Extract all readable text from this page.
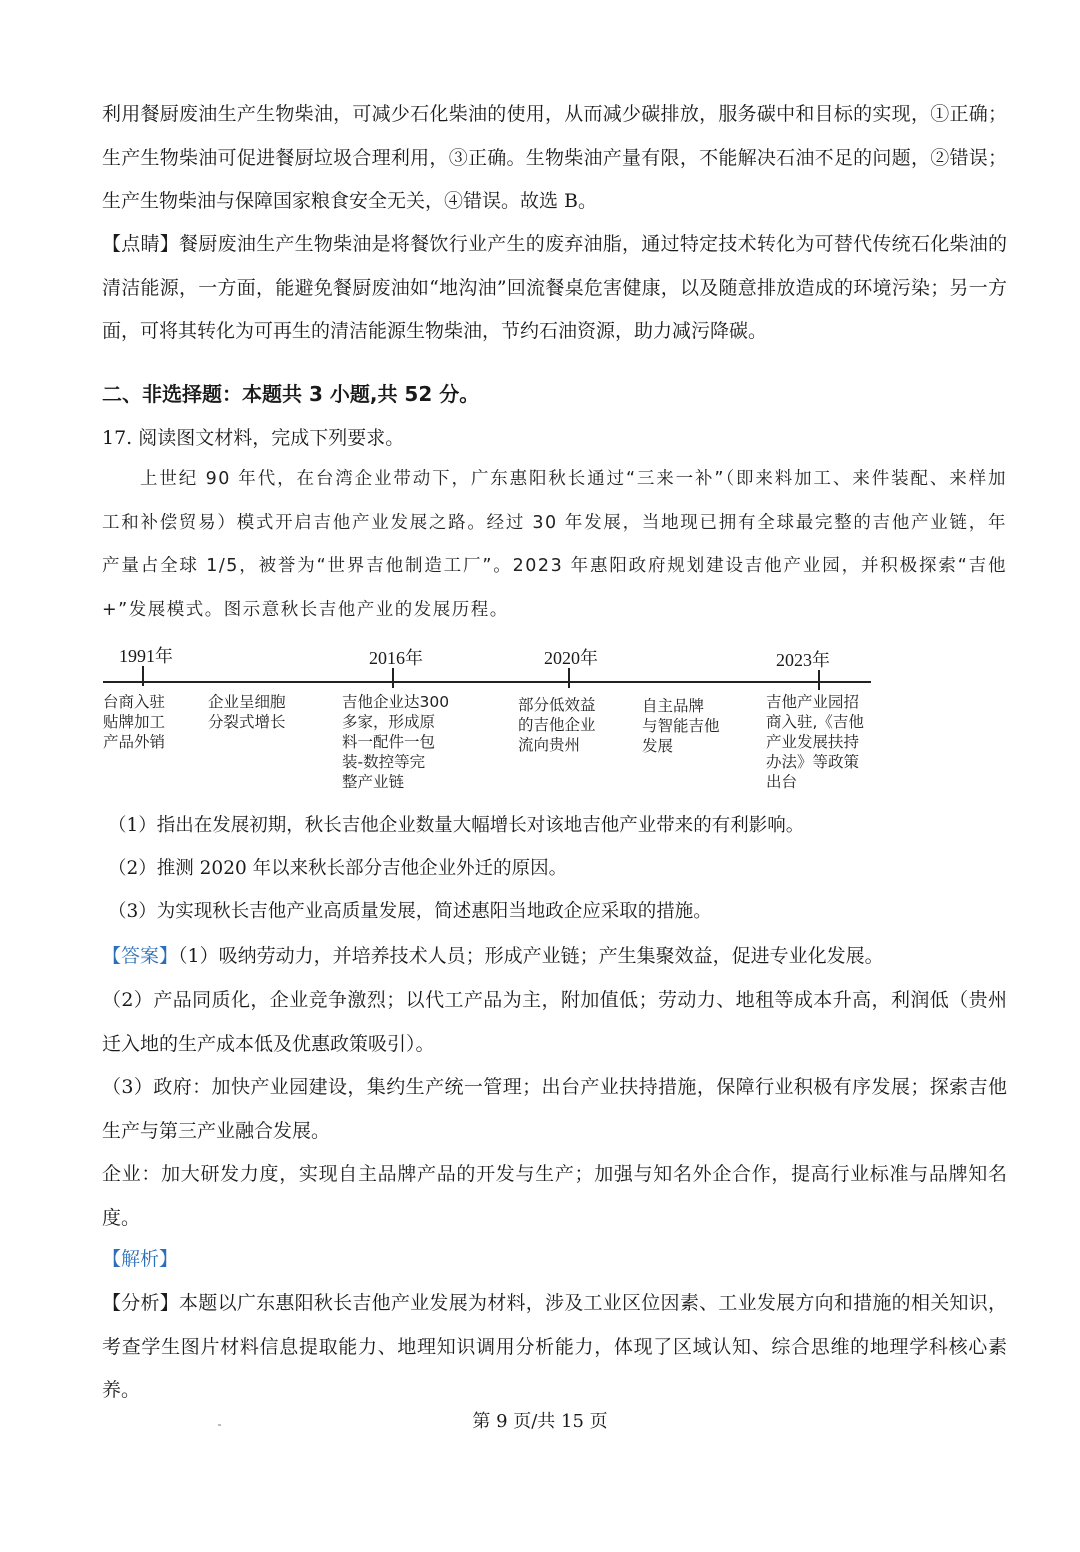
利用餐厨废油生产生物柴油，可减少石化柴油的使用，从而减少碳排放，服务碳中和目标的实现，①正确；生产生物柴油可促进餐厨垃圾合理利用，③正确。生物柴油产量有限，不能解决石油不足的问题，②错误；生产生物柴油与保障国家粮食安全无关，④错误。故选 B。

【点睛】餐厨废油生产生物柴油是将餐饮行业产生的废弃油脂，通过特定技术转化为可替代传统石化柴油的清洁能源，一方面，能避免餐厨废油如“地沟油”回流餐桌危害健康，以及随意排放造成的环境污染；另一方面，可将其转化为可再生的清洁能源生物柴油，节约石油资源，助力减污降碳。

二、非选择题：本题共 3 小题,共 52 分。

17. 阅读图文材料，完成下列要求。

上世纪 90 年代，在台湾企业带动下，广东惠阳秋长通过“三来一补”（即来料加工、来件装配、来样加工和补偿贸易）模式开启吉他产业发展之路。经过 30 年发展，当地现已拥有全球最完整的吉他产业链，年产量占全球 1/5，被誉为“世界吉他制造工厂”。2023 年惠阳政府规划建设吉他产业园，并积极探索“吉他+”发展模式。图示意秋长吉他产业的发展历程。

1991年	2016年	2020年	2023年
台商入驻
贴牌加工
产品外销
企业呈细胞
分裂式增长
吉他企业达300
多家，形成原
料一配件一包
装-数控等完
整产业链
部分低效益
的吉他企业
流向贵州
自主品牌
与智能吉他
发展
吉他产业园招
商入驻,《吉他
产业发展扶持
办法》等政策
出台

（1）指出在发展初期，秋长吉他企业数量大幅增长对该地吉他产业带来的有利影响。

（2）推测 2020 年以来秋长部分吉他企业外迁的原因。

（3）为实现秋长吉他产业高质量发展，简述惠阳当地政企应采取的措施。

【答案】（1）吸纳劳动力，并培养技术人员；形成产业链；产生集聚效益，促进专业化发展。

（2）产品同质化，企业竞争激烈；以代工产品为主，附加值低；劳动力、地租等成本升高，利润低（贵州迁入地的生产成本低及优惠政策吸引）。

（3）政府：加快产业园建设，集约生产统一管理；出台产业扶持措施，保障行业积极有序发展；探索吉他生产与第三产业融合发展。

企业：加大研发力度，实现自主品牌产品的开发与生产；加强与知名外企合作，提高行业标准与品牌知名度。

【解析】

【分析】本题以广东惠阳秋长吉他产业发展为材料，涉及工业区位因素、工业发展方向和措施的相关知识，考查学生图片材料信息提取能力、地理知识调用分析能力，体现了区域认知、综合思维的地理学科核心素养。

第 9 页/共 15 页
